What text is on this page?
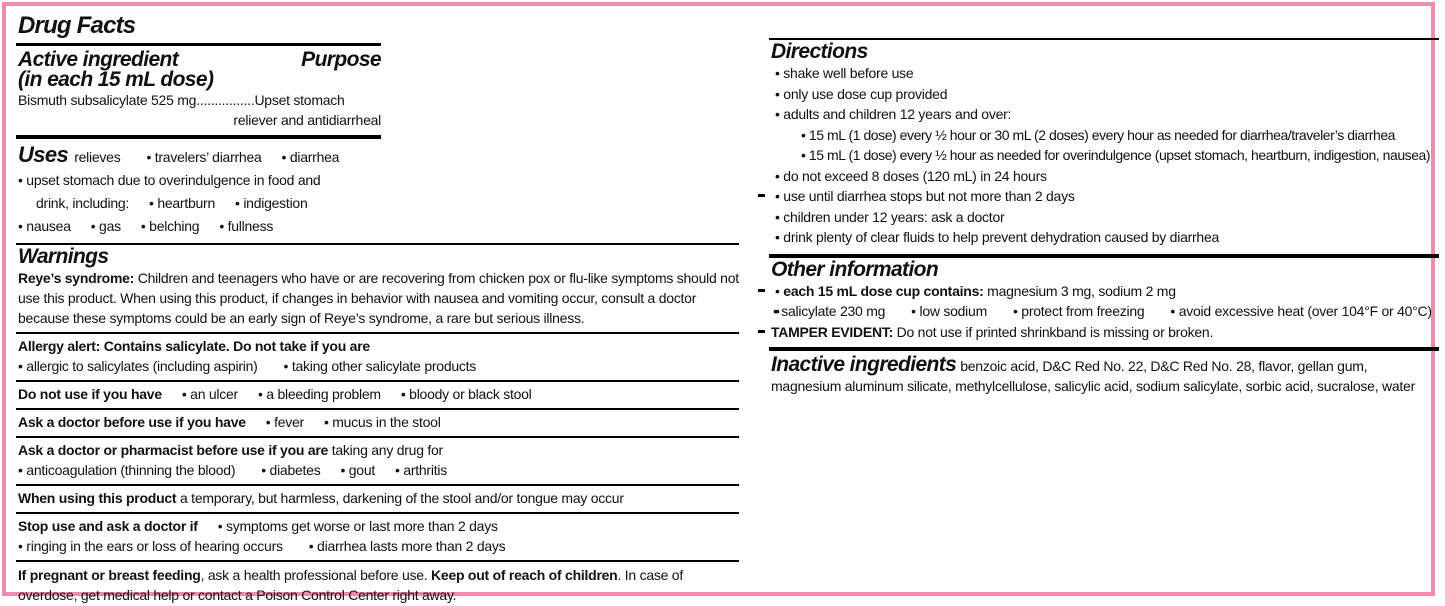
Drug Facts
Active ingredient	Purpose
(in each 15 mL dose)
Bismuth subsalicylate 525 mg................Upset stomach
reliever and antidiarrheal
Uses relieves • travelers’ diarrhea • diarrhea
• upset stomach due to overindulgence in food and
drink, including: • heartburn • indigestion
• nausea • gas • belching • fullness
Warnings

Reye’s syndrome: Children and teenagers who have or are recovering from chicken pox or flu-like symptoms should not use this product. When using this product, if changes in behavior with nausea and vomiting occur, consult a doctor because these symptoms could be an early sign of Reye’s syndrome, a rare but serious illness.

Allergy alert: Contains salicylate. Do not take if you are
• allergic to salicylates (including aspirin) • taking other salicylate products
Do not use if you have • an ulcer • a bleeding problem • bloody or black stool
Ask a doctor before use if you have • fever • mucus in the stool
Ask a doctor or pharmacist before use if you are taking any drug for
• anticoagulation (thinning the blood) • diabetes • gout • arthritis
When using this product a temporary, but harmless, darkening of the stool and/or tongue may occur
Stop use and ask a doctor if • symptoms get worse or last more than 2 days
• ringing in the ears or loss of hearing occurs • diarrhea lasts more than 2 days

If pregnant or breast feeding, ask a health professional before use. Keep out of reach of children. In case of overdose, get medical help or contact a Poison Control Center right away.

Directions
• shake well before use
• only use dose cup provided
• adults and children 12 years and over:
• 15 mL (1 dose) every ½ hour or 30 mL (2 doses) every hour as needed for diarrhea/traveler’s diarrhea
• 15 mL (1 dose) every ½ hour as needed for overindulgence (upset stomach, heartburn, indigestion, nausea)
• do not exceed 8 doses (120 mL) in 24 hours
• use until diarrhea stops but not more than 2 days
• children under 12 years: ask a doctor
• drink plenty of clear fluids to help prevent dehydration caused by diarrhea
Other information
• each 15 mL dose cup contains: magnesium 3 mg, sodium 2 mg
• • salicylate 230 mg • low sodium • protect from freezing • avoid excessive heat (over 104°F or 40°C)
TAMPER EVIDENT: Do not use if printed shrinkband is missing or broken.

Inactive ingredients benzoic acid, D&C Red No. 22, D&C Red No. 28, flavor, gellan gum, magnesium aluminum silicate, methylcellulose, salicylic acid, sodium salicylate, sorbic acid, sucralose, water
